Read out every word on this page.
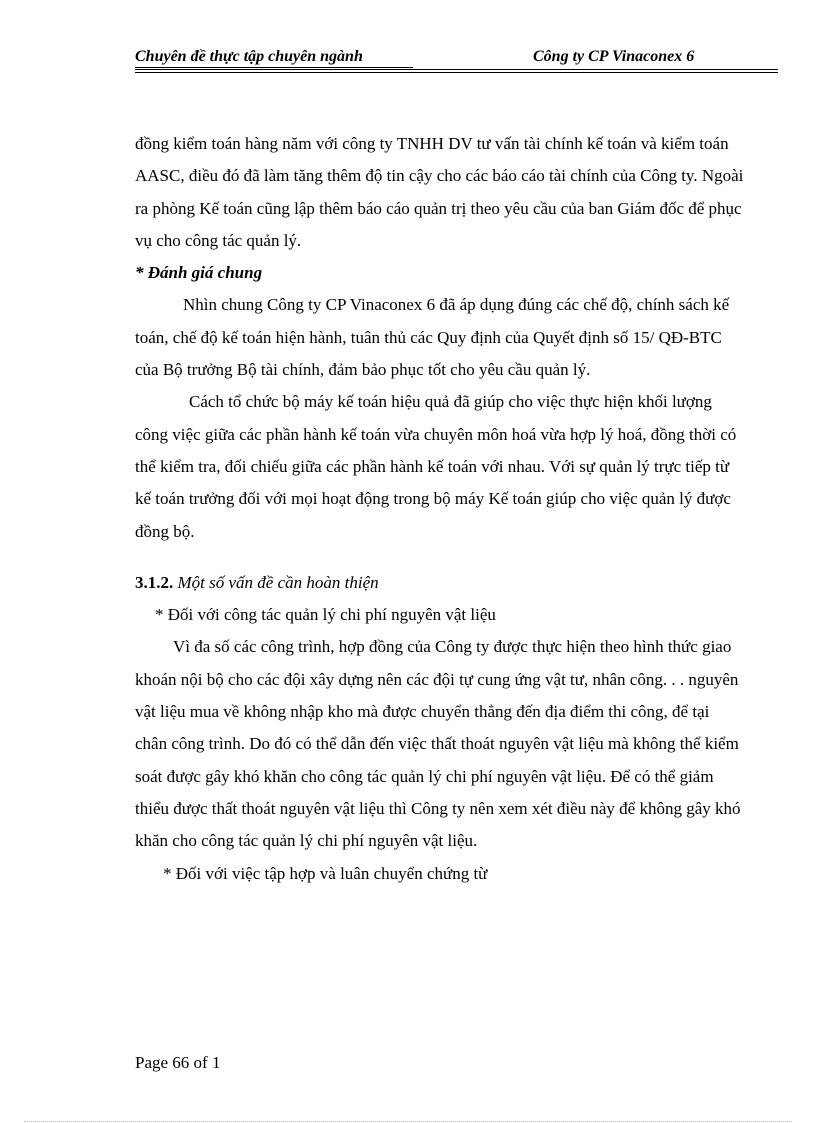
Chuyên đề thực tập chuyên ngành	Công ty CP Vinaconex 6

đồng kiểm toán hàng năm với công ty TNHH DV tư vấn tài chính kế toán và kiểm toán AASC, điều đó đã làm tăng thêm độ tin cậy cho các báo cáo tài chính của Công ty. Ngoài ra phòng Kế toán cũng lập thêm báo cáo quản trị theo yêu cầu của ban Giám đốc để phục vụ cho công tác quản lý.

* Đánh giá chung

Nhìn chung Công ty CP Vinaconex 6 đã áp dụng đúng các chế độ, chính sách kế toán, chế độ kế toán hiện hành, tuân thủ các Quy định của Quyết định số 15/ QĐ-BTC của Bộ trưởng Bộ tài chính, đảm bảo phục tốt cho yêu cầu quản lý.

Cách tổ chức bộ máy kế toán hiệu quả đã giúp cho việc thực hiện khối lượng công việc giữa các phần hành kế toán vừa chuyên môn hoá vừa hợp lý hoá, đồng thời có thể kiểm tra, đối chiếu giữa các phần hành kế toán với nhau. Với sự quản lý trực tiếp từ kế toán trưởng đối với mọi hoạt động trong bộ máy Kế toán giúp cho việc quản lý được đồng bộ.

3.1.2. Một số vấn đề cần hoàn thiện

* Đối với công tác quản lý chi phí nguyên vật liệu

Vì đa số các công trình, hợp đồng của Công ty được thực hiện theo hình thức giao khoán nội bộ cho các đội xây dựng nên các đội tự cung ứng vật tư, nhân công. . . nguyên vật liệu mua về không nhập kho mà được chuyển thẳng đến địa điểm thi công, để tại chân công trình. Do đó có thể dẫn đến việc thất thoát nguyên vật liệu mà không thể kiểm soát được gây khó khăn cho công tác quản lý chi phí nguyên vật liệu. Để có thể giảm thiểu được thất thoát nguyên vật liệu thì Công ty nên xem xét điều này để không gây khó khăn cho công tác quản lý chi phí nguyên vật liệu.

* Đối với việc tập hợp và luân chuyển chứng từ

Page 66 of 1
